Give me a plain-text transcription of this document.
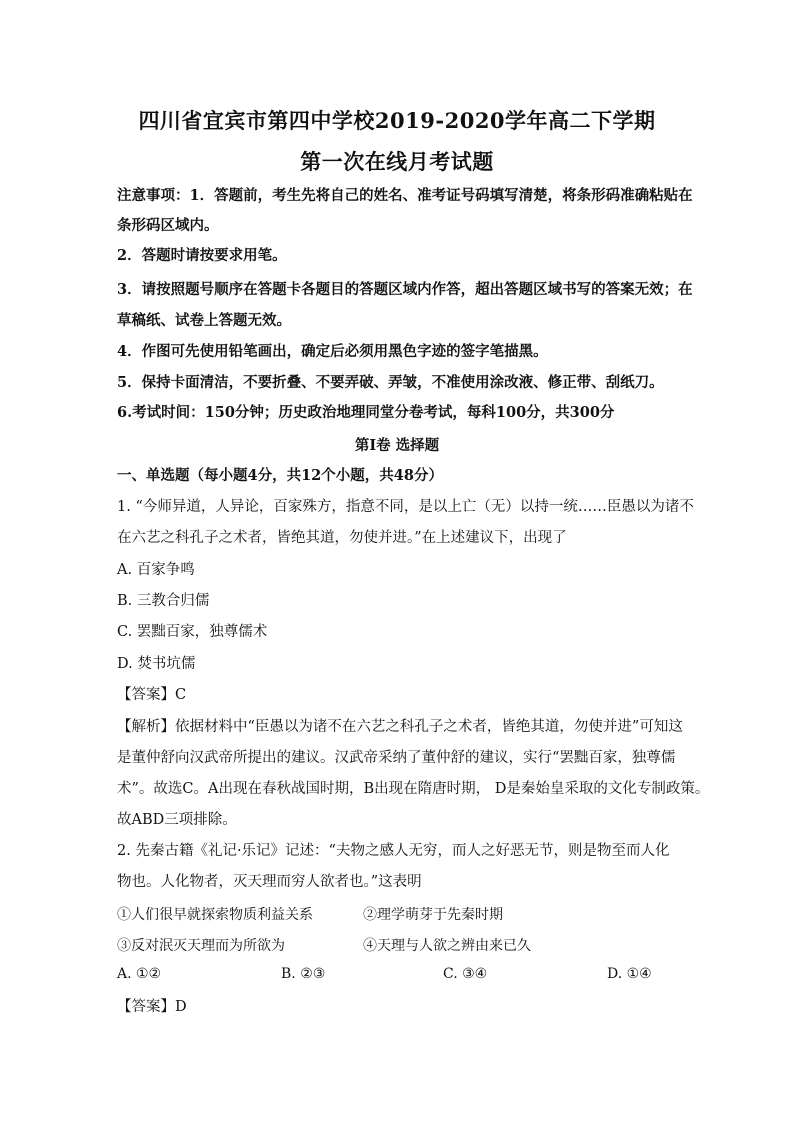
四川省宜宾市第四中学校2019-2020学年高二下学期
第一次在线月考试题
注意事项：1．答题前，考生先将自己的姓名、准考证号码填写清楚，将条形码准确粘贴在
条形码区域内。
2．答题时请按要求用笔。
3．请按照题号顺序在答题卡各题目的答题区域内作答，超出答题区域书写的答案无效；在
草稿纸、试卷上答题无效。
4．作图可先使用铅笔画出，确定后必须用黑色字迹的签字笔描黑。
5．保持卡面清洁，不要折叠、不要弄破、弄皱，不准使用涂改液、修正带、刮纸刀。
6.考试时间：150分钟；历史政治地理同堂分卷考试，每科100分，共300分
第Ⅰ卷 选择题
一、单选题（每小题4分，共12个小题，共48分）
1. “今师异道，人异论，百家殊方，指意不同，是以上亡（无）以持一统……臣愚以为诸不
在六艺之科孔子之术者，皆绝其道，勿使并进。”在上述建议下，出现了
A. 百家争鸣
B. 三教合归儒
C. 罢黜百家，独尊儒术
D. 焚书坑儒
【答案】C
【解析】依据材料中“臣愚以为诸不在六艺之科孔子之术者，皆绝其道，勿使并进”可知这
是董仲舒向汉武帝所提出的建议。汉武帝采纳了董仲舒的建议，实行“罢黜百家，独尊儒
术”。故选C。A出现在春秋战国时期，B出现在隋唐时期， D是秦始皇采取的文化专制政策。
故ABD三项排除。
2. 先秦古籍《礼记·乐记》记述：“夫物之感人无穷，而人之好恶无节，则是物至而人化
物也。人化物者，灭天理而穷人欲者也。”这表明
①人们很早就探索物质利益关系	②理学萌芽于先秦时期
③反对泯灭天理而为所欲为	④天理与人欲之辨由来已久
A. ①②	B. ②③	C. ③④	D. ①④
【答案】D
